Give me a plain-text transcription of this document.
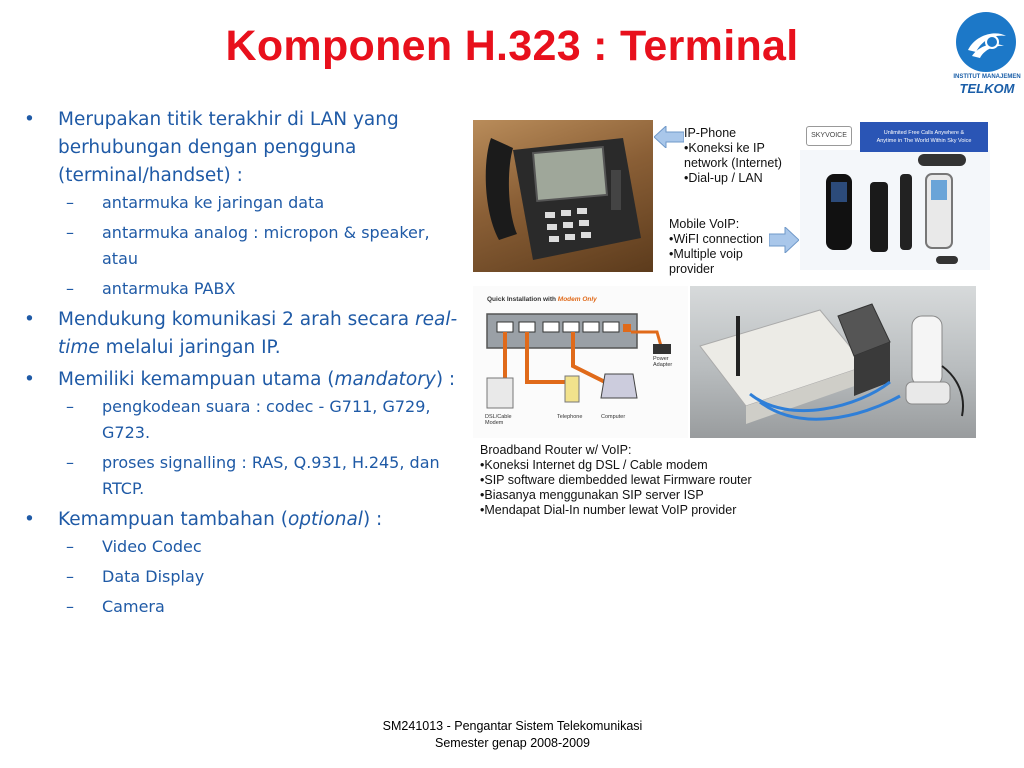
Komponen H.323 : Terminal
INSTITUT MANAJEMEN
TELKOM
• Merupakan titik terakhir di LAN yang berhubungan dengan pengguna (terminal/handset) :
– antarmuka ke jaringan data
– antarmuka analog : micropon & speaker, atau
– antarmuka PABX
• Mendukung komunikasi 2 arah secara real-time melalui jaringan IP.
• Memiliki kemampuan utama (mandatory) :
– pengkodean suara : codec - G711, G729, G723.
– proses signalling : RAS, Q.931, H.245, dan RTCP.
• Kemampuan tambahan (optional) :
– Video Codec
– Data Display
– Camera
IP-Phone
•Koneksi ke IP
network (Internet)
•Dial-up / LAN
Mobile VoIP:
•WiFI connection
•Multiple voip
provider
SKYVOICE	Unlimited Free Calls Anywhere &
Anytime in The World Within Sky Voice
Quick Installation with Modem Only
DSL/Cable Modem
Telephone	Computer
Power Adapter
Broadband Router w/ VoIP:
•Koneksi Internet dg DSL / Cable modem
•SIP software diembedded lewat Firmware router
•Biasanya menggunakan SIP server ISP
•Mendapat Dial-In number lewat VoIP provider
SM241013 - Pengantar Sistem Telekomunikasi
Semester genap 2008-2009
